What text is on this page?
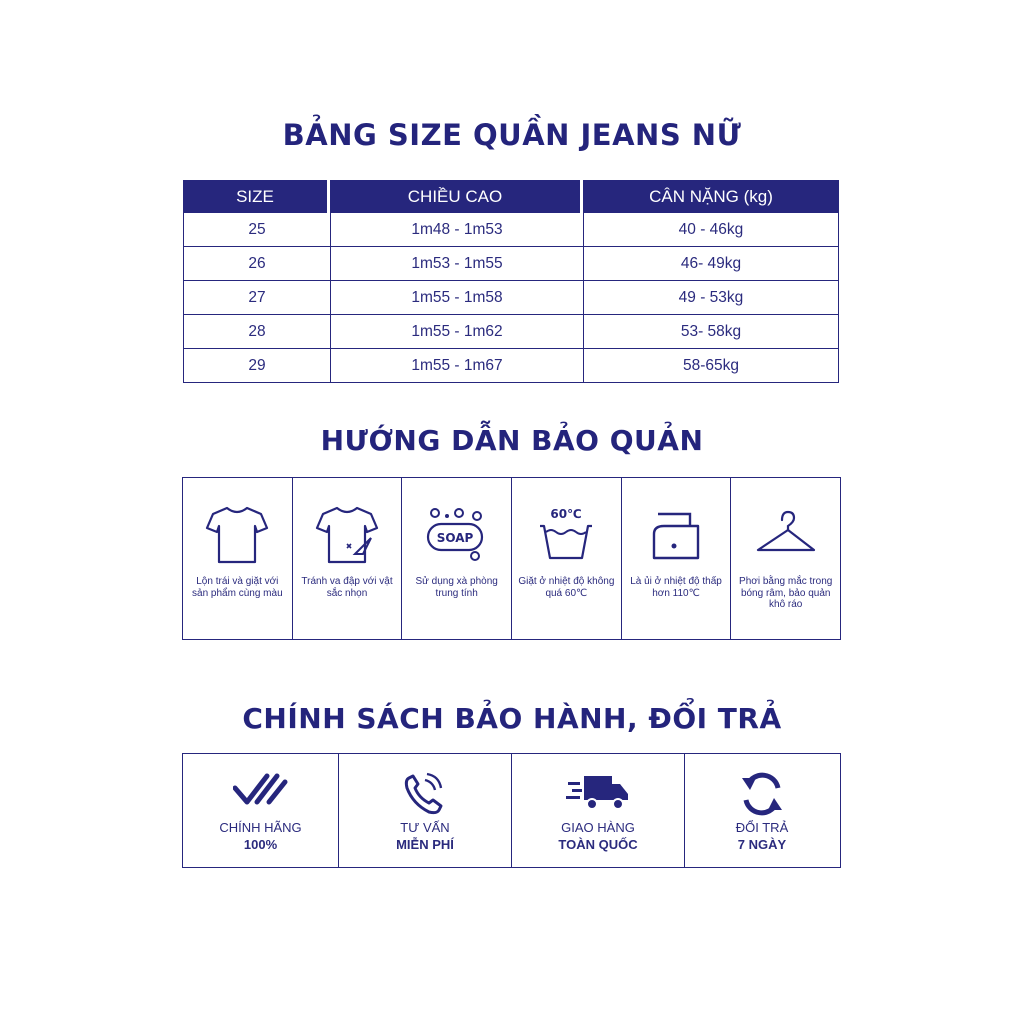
BẢNG SIZE QUẦN JEANS NỮ
HƯỚNG DẪN BẢO QUẢN
CHÍNH SÁCH BẢO HÀNH, ĐỔI TRẢ
SIZE	CHIỀU CAO	CÂN NẶNG (kg)
25	1m48 - 1m53	40 - 46kg
26	1m53 - 1m55	46- 49kg
27	1m55 - 1m58	49 - 53kg
28	1m55 - 1m62	53- 58kg
29	1m55 - 1m67	58-65kg
Lộn trái và giặt với sản phẩm cùng màu
Tránh va đập với vật sắc nhọn
SOAP
Sử dụng xà phòng trung tính
60℃
Giặt ở nhiệt độ không quá 60℃
Là ủi ở nhiệt độ thấp hơn 110℃
Phơi bằng mắc trong bóng râm, bảo quản khô ráo
CHÍNH HÃNG
100%
TƯ VẤN
MIỄN PHÍ
GIAO HÀNG
TOÀN QUỐC
ĐỔI TRẢ
7 NGÀY
